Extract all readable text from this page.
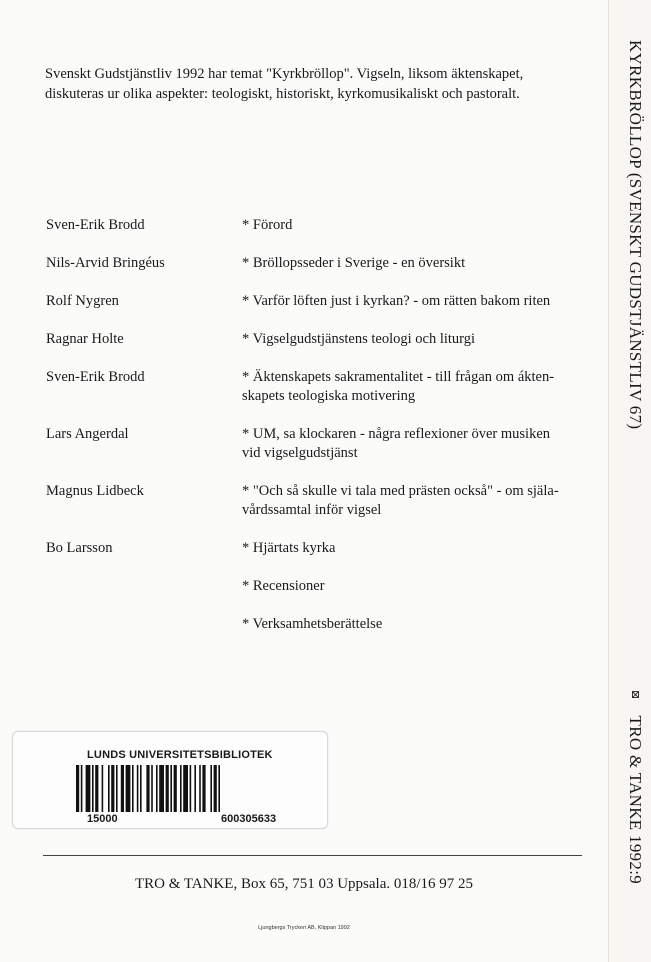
Svenskt Gudstjänstliv 1992 har temat "Kyrkbröllop". Vigseln, liksom äktenskapet,
diskuteras ur olika aspekter: teologiskt, historiskt, kyrkomusikaliskt och pastoralt.
Sven-Erik Brodd	* Förord
Nils-Arvid Bringéus	* Bröllopsseder i Sverige - en översikt
Rolf Nygren	* Varför löften just i kyrkan? - om rätten bakom riten
Ragnar Holte	* Vigselgudstjänstens teologi och liturgi
Sven-Erik Brodd	* Äktenskapets sakramentalitet - till frågan om ákten-
skapets teologiska motivering
Lars Angerdal	* UM, sa klockaren - några reflexioner över musiken
vid vigselgudstjänst
Magnus Lidbeck	* "Och så skulle vi tala med prästen också" - om själa-
vårdssamtal inför vigsel
Bo Larsson	* Hjärtats kyrka
* Recensioner
* Verksamhetsberättelse
LUNDS UNIVERSITETSBIBLIOTEK
15000	600305633
TRO & TANKE, Box 65, 751 03 Uppsala. 018/16 97 25
Ljungbergs Tryckeri AB, Klippan 1992
KYRKBRÖLLOP (SVENSKT GUDSTJÄNSTLIV 67)
⊠TRO & TANKE 1992:9
